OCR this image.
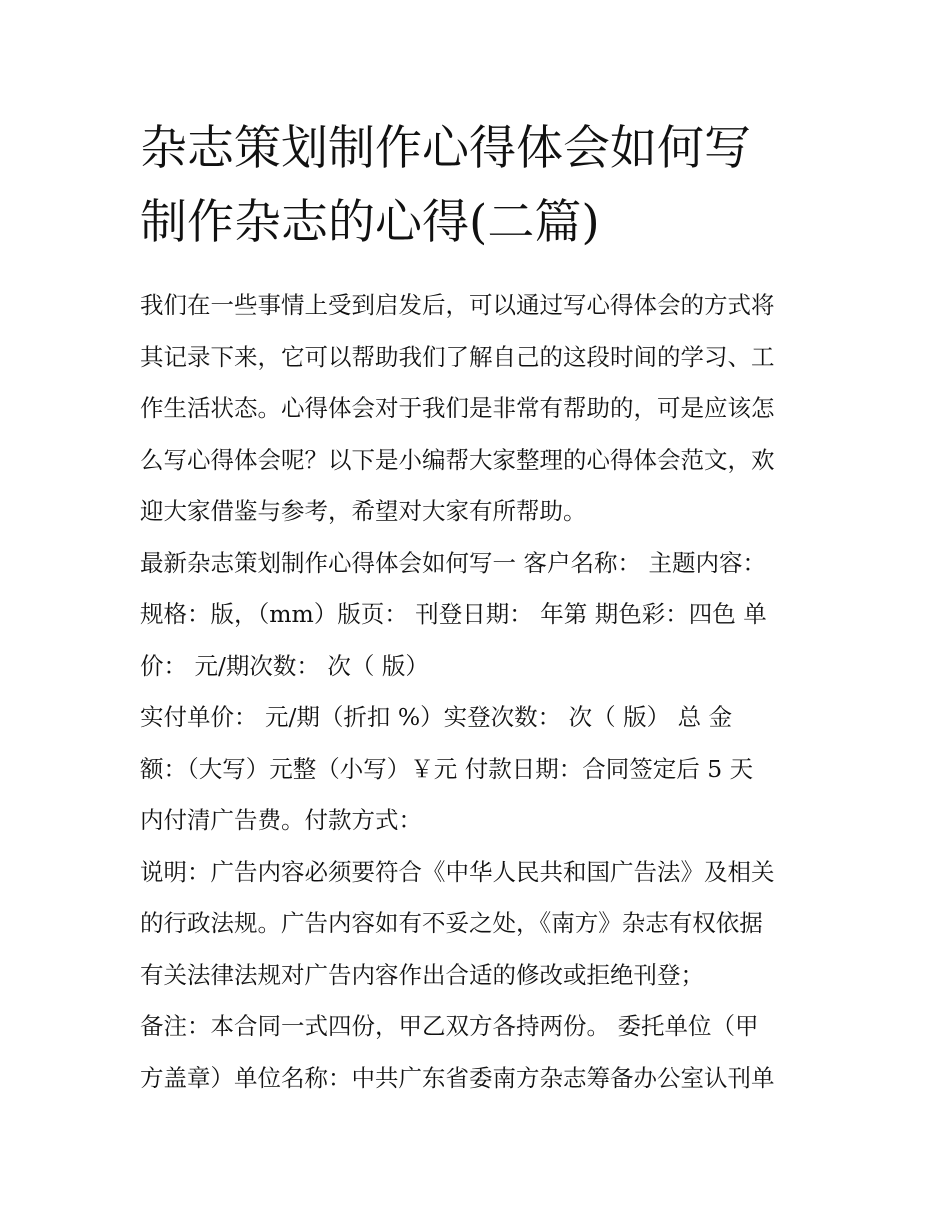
杂志策划制作心得体会如何写
制作杂志的心得(二篇)

我们在一些事情上受到启发后，可以通过写心得体会的方式将
其记录下来，它可以帮助我们了解自己的这段时间的学习、工
作生活状态。心得体会对于我们是非常有帮助的，可是应该怎
么写心得体会呢？以下是小编帮大家整理的心得体会范文，欢
迎大家借鉴与参考，希望对大家有所帮助。

最新杂志策划制作心得体会如何写一 客户名称： 主题内容：
规格：版，（mm）版页： 刊登日期： 年第 期色彩：四色 单
价： 元/期次数： 次（ 版）

实付单价： 元/期（折扣 %）实登次数： 次（ 版） 总 金
额：（大写）元整（小写）￥元 付款日期：合同签定后 5 天
内付清广告费。付款方式：

说明：广告内容必须要符合《中华人民共和国广告法》及相关
的行政法规。广告内容如有不妥之处，《南方》杂志有权依据
有关法律法规对广告内容作出合适的修改或拒绝刊登；

备注：本合同一式四份，甲乙双方各持两份。 委托单位（甲
方盖章）单位名称：中共广东省委南方杂志筹备办公室认刊单
